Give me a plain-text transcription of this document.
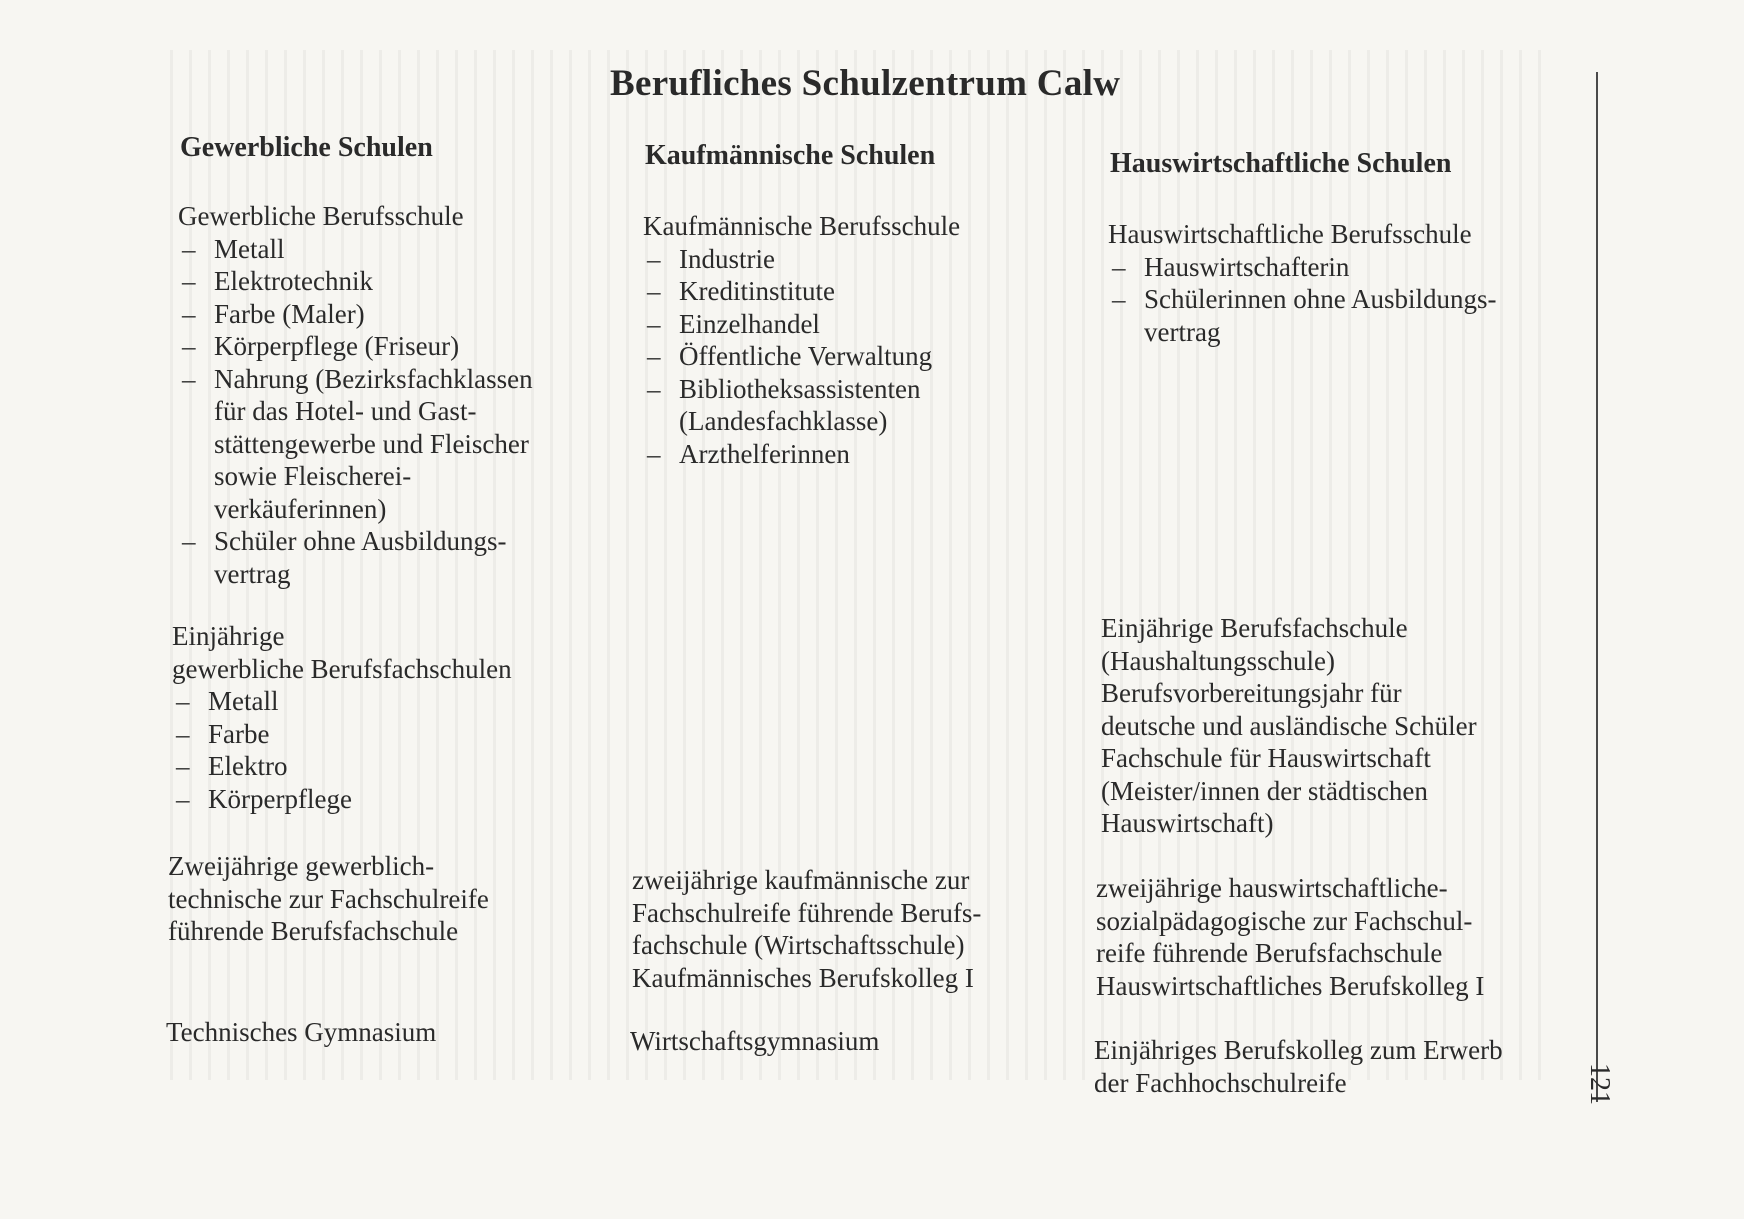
Berufliches Schulzentrum Calw
Gewerbliche Schulen
Gewerbliche Berufsschule
– Metall
– Elektrotechnik
– Farbe (Maler)
– Körperpflege (Friseur)
– Nahrung (Bezirksfachklassen
für das Hotel- und Gast-
stättengewerbe und Fleischer
sowie Fleischerei-
verkäuferinnen)
– Schüler ohne Ausbildungs-
vertrag
Einjährige
gewerbliche Berufsfachschulen
– Metall
– Farbe
– Elektro
– Körperpflege
Zweijährige gewerblich-
technische zur Fachschulreife
führende Berufsfachschule
Technisches Gymnasium
Kaufmännische Schulen
Kaufmännische Berufsschule
– Industrie
– Kreditinstitute
– Einzelhandel
– Öffentliche Verwaltung
– Bibliotheksassistenten
(Landesfachklasse)
– Arzthelferinnen
zweijährige kaufmännische zur
Fachschulreife führende Berufs-
fachschule (Wirtschaftsschule)
Kaufmännisches Berufskolleg I
Wirtschaftsgymnasium
Hauswirtschaftliche Schulen
Hauswirtschaftliche Berufsschule
– Hauswirtschafterin
– Schülerinnen ohne Ausbildungs-
vertrag
Einjährige Berufsfachschule
(Haushaltungsschule)
Berufsvorbereitungsjahr für
deutsche und ausländische Schüler
Fachschule für Hauswirtschaft
(Meister/innen der städtischen
Hauswirtschaft)
zweijährige hauswirtschaftliche-
sozialpädagogische zur Fachschul-
reife führende Berufsfachschule
Hauswirtschaftliches Berufskolleg I
Einjähriges Berufskolleg zum Erwerb
der Fachhochschulreife	121
